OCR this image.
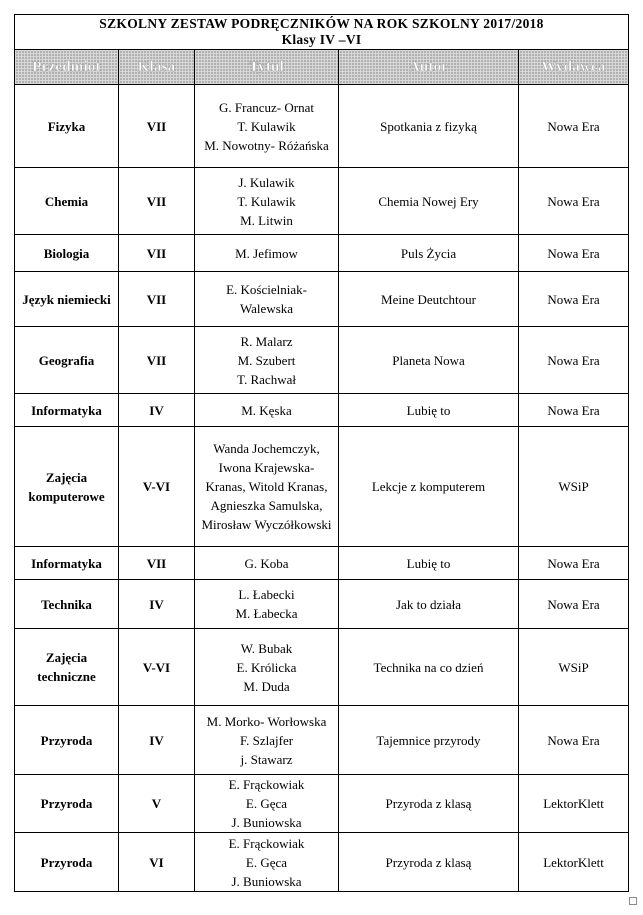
SZKOLNY ZESTAW PODRĘCZNIKÓW NA ROK SZKOLNY 2017/2018
Klasy IV –VI				

Przedmiot	Klasa	Tytuł	Autor	Wydawca

Fizyka	VII	G. Francuz- Ornat
T. Kulawik
M. Nowotny- Różańska	Spotkania z fizyką	Nowa Era

Chemia	VII	J. Kulawik
T. Kulawik
M. Litwin	Chemia Nowej Ery	Nowa Era

Biologia	VII	M. Jefimow	Puls Życia	Nowa Era

Język niemiecki	VII	E. Kościelniak-
Walewska	Meine Deutchtour	Nowa Era

Geografia	VII	R. Malarz
M. Szubert
T. Rachwał	Planeta Nowa	Nowa Era

Informatyka	IV	M. Kęska	Lubię to	Nowa Era

Zajęcia
komputerowe	V-VI	Wanda Jochemczyk,
Iwona Krajewska-
Kranas, Witold Kranas,
Agnieszka Samulska,
Mirosław Wyczółkowski	Lekcje z komputerem	WSiP

Informatyka	VII	G. Koba	Lubię to	Nowa Era

Technika	IV	L. Łabecki
M. Łabecka	Jak to działa	Nowa Era

Zajęcia
techniczne	V-VI	W. Bubak
E. Królicka
M. Duda	Technika na co dzień	WSiP

Przyroda	IV	M. Morko- Worłowska
F. Szlajfer
j. Stawarz	Tajemnice przyrody	Nowa Era

Przyroda	V	E. Frąckowiak
E. Gęca
J. Buniowska	Przyroda z klasą	LektorKlett

Przyroda	VI	E. Frąckowiak
E. Gęca
J. Buniowska	Przyroda z klasą	LektorKlett
